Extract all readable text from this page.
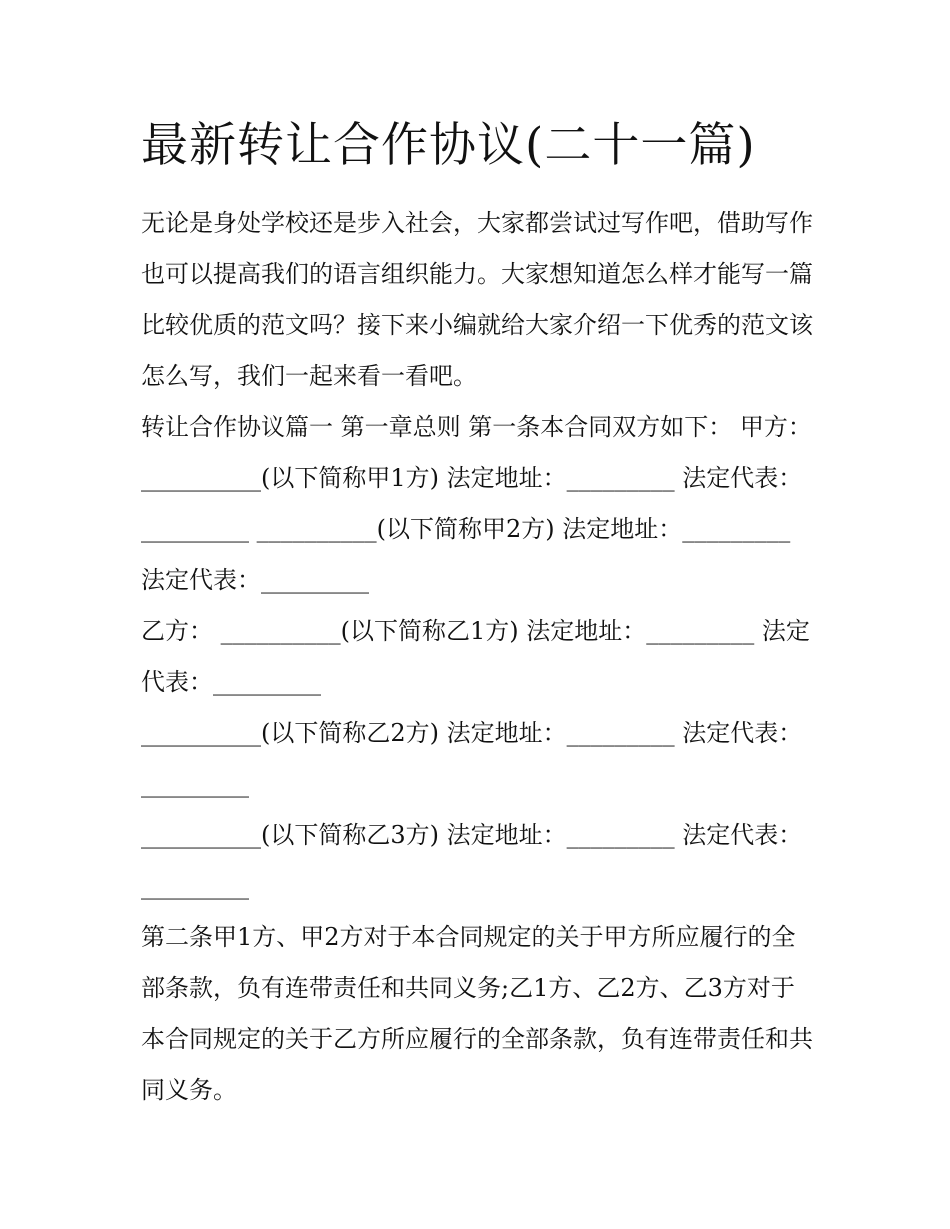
最新转让合作协议(二十一篇)

无论是身处学校还是步入社会，大家都尝试过写作吧，借助写作也可以提高我们的语言组织能力。大家想知道怎么样才能写一篇比较优质的范文吗？接下来小编就给大家介绍一下优秀的范文该怎么写，我们一起来看一看吧。

转让合作协议篇一 第一章总则 第一条本合同双方如下： 甲方： __________(以下简称甲1方) 法定地址：_________ 法定代表：_________ __________(以下简称甲2方) 法定地址：_________ 法定代表：_________

乙方： __________(以下简称乙1方) 法定地址：_________ 法定代表：_________

__________(以下简称乙2方) 法定地址：_________ 法定代表：_________

__________(以下简称乙3方) 法定地址：_________ 法定代表：_________

第二条甲1方、甲2方对于本合同规定的关于甲方所应履行的全部条款，负有连带责任和共同义务;乙1方、乙2方、乙3方对于本合同规定的关于乙方所应履行的全部条款，负有连带责任和共同义务。
